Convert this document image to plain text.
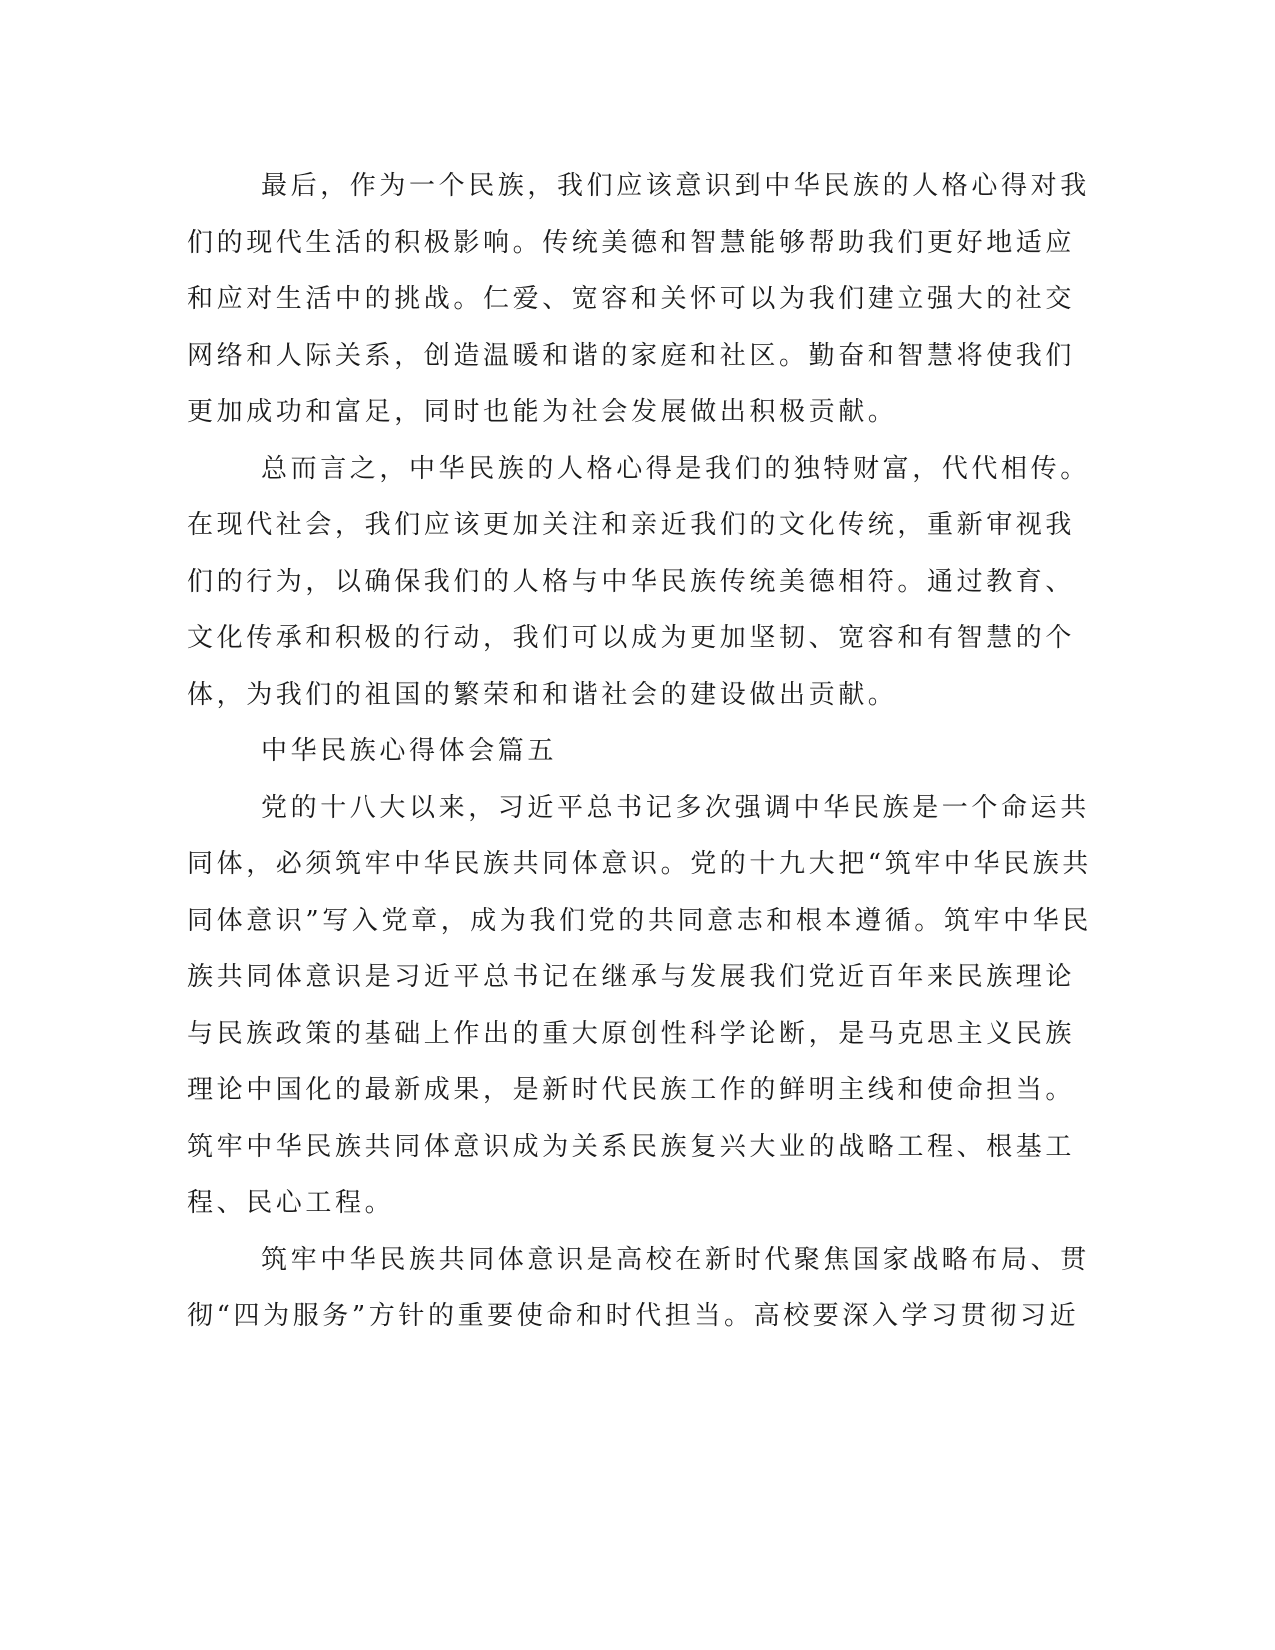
最后，作为一个民族，我们应该意识到中华民族的人格心得对我
们的现代生活的积极影响。传统美德和智慧能够帮助我们更好地适应
和应对生活中的挑战。仁爱、宽容和关怀可以为我们建立强大的社交
网络和人际关系，创造温暖和谐的家庭和社区。勤奋和智慧将使我们
更加成功和富足，同时也能为社会发展做出积极贡献。
总而言之，中华民族的人格心得是我们的独特财富，代代相传。
在现代社会，我们应该更加关注和亲近我们的文化传统，重新审视我
们的行为，以确保我们的人格与中华民族传统美德相符。通过教育、
文化传承和积极的行动，我们可以成为更加坚韧、宽容和有智慧的个
体，为我们的祖国的繁荣和和谐社会的建设做出贡献。
中华民族心得体会篇五
党的十八大以来，习近平总书记多次强调中华民族是一个命运共
同体，必须筑牢中华民族共同体意识。党的十九大把“筑牢中华民族共
同体意识”写入党章，成为我们党的共同意志和根本遵循。筑牢中华民
族共同体意识是习近平总书记在继承与发展我们党近百年来民族理论
与民族政策的基础上作出的重大原创性科学论断，是马克思主义民族
理论中国化的最新成果，是新时代民族工作的鲜明主线和使命担当。
筑牢中华民族共同体意识成为关系民族复兴大业的战略工程、根基工
程、民心工程。
筑牢中华民族共同体意识是高校在新时代聚焦国家战略布局、贯
彻“四为服务”方针的重要使命和时代担当。高校要深入学习贯彻习近
